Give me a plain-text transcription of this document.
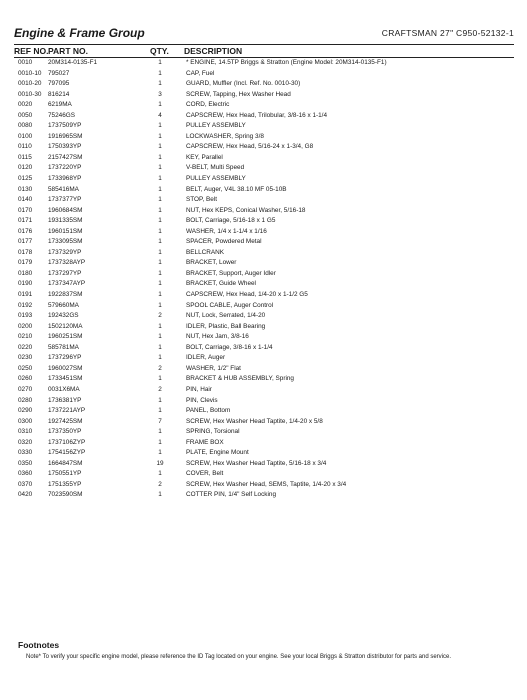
Engine & Frame Group	CRAFTSMAN 27" C950-52132-1
REF NO. PART NO.	QTY. DESCRIPTION
0010 20M314-0135-F1	1	* ENGINE, 14.5TP Briggs & Stratton (Engine Model: 20M314-0135-F1)
0010-10 795027	1	CAP, Fuel
0010-20 797095	1	GUARD, Muffler (Incl. Ref. No. 0010-30)
0010-30 816214	3	SCREW, Tapping, Hex Washer Head
0020 6219MA	1	CORD, Electric
0050 75246GS	4	CAPSCREW, Hex Head, Trilobular, 3/8-16 x 1-1/4
0080 1737509YP	1	PULLEY ASSEMBLY
0100 1916965SM	1	LOCKWASHER, Spring 3/8
0110	1750393YP	1	CAPSCREW, Hex Head, 5/16-24 x 1-3/4, G8
0115	2157427SM	1	KEY, Parallel
0120 1737220YP	1	V-BELT, Multi Speed
0125 1733968YP	1	PULLEY ASSEMBLY
0130 585416MA	1	BELT, Auger, V4L 38.10 MF 05-10B
0140 1737377YP	1	STOP, Belt
0170 1960684SM	1	NUT, Hex KEPS, Conical Washer, 5/16-18
0171 1931335SM	1	BOLT, Carriage, 5/16-18 x 1 G5
0176 1960151SM	1	WASHER, 1/4 x 1-1/4 x 1/16
0177 1733095SM	1	SPACER, Powdered Metal
0178 1737329YP	1	BELLCRANK
0179 1737328AYP	1	BRACKET, Lower
0180 1737297YP	1	BRACKET, Support, Auger Idler
0190 1737347AYP	1	BRACKET, Guide Wheel
0191 1922837SM	1	CAPSCREW, Hex Head, 1/4-20 x 1-1/2 G5
0192 579660MA	1	SPOOL CABLE, Auger Control
0193 192432GS	2	NUT, Lock, Serrated, 1/4-20
0200 1502120MA	1	IDLER, Plastic, Ball Bearing
0210 1960251SM	1	NUT, Hex Jam, 3/8-16
0220 585781MA	1	BOLT, Carriage, 3/8-16 x 1-1/4
0230 1737296YP	1	IDLER, Auger
0250 1960027SM	2	WASHER, 1/2" Flat
0260 1733451SM	1	BRACKET & HUB ASSEMBLY, Spring
0270 0031X6MA	2	PIN, Hair
0280 1736381YP	1	PIN, Clevis
0290 1737221AYP	1	PANEL, Bottom
0300 1927425SM	7	SCREW, Hex Washer Head Taptite, 1/4-20 x 5/8
0310 1737350YP	1	SPRING, Torsional
0320 1737106ZYP	1	FRAME BOX
0330 1754156ZYP	1	PLATE, Engine Mount
0350 1664847SM	19	SCREW, Hex Washer Head Taptite, 5/16-18 x 3/4
0360 1750551YP	1	COVER, Belt
0370 1751355YP	2	SCREW, Hex Washer Head, SEMS, Taptite, 1/4-20 x 3/4
0420 7023590SM	1	COTTER PIN, 1/4" Self Locking
Footnotes
Note* To verify your specific engine model, please reference the ID Tag located on your engine. See your local Briggs & Stratton distributor for parts and service.
